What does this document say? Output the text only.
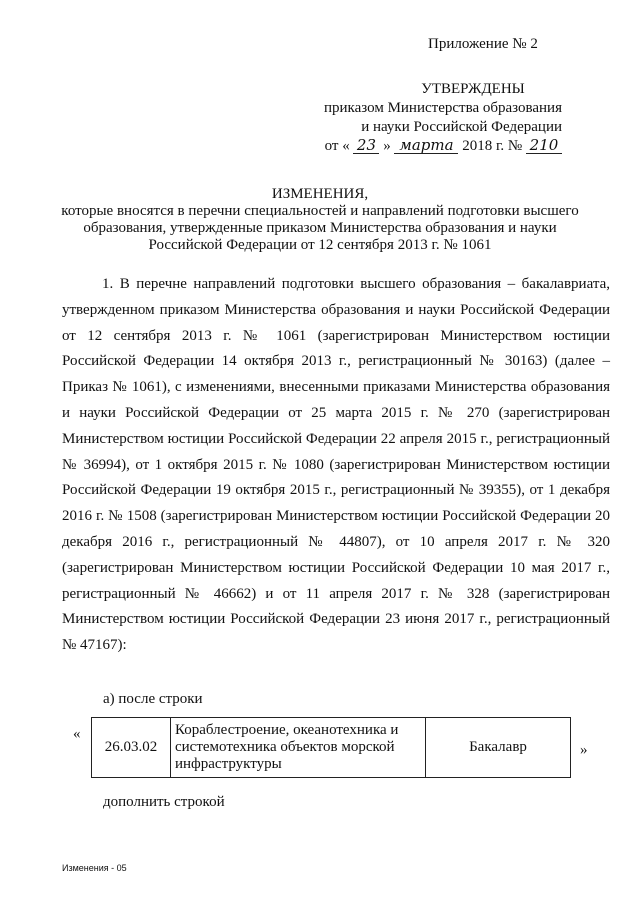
Приложение № 2
УТВЕРЖДЕНЫ
приказом Министерства образования
и науки Российской Федерации
от « 23 » марта 2018 г. № 210
ИЗМЕНЕНИЯ,
которые вносятся в перечни специальностей и направлений подготовки высшего
образования, утвержденные приказом Министерства образования и науки
Российской Федерации от 12 сентября 2013 г. № 1061
1. В перечне направлений подготовки высшего образования – бакалавриата, утвержденном приказом Министерства образования и науки Российской Федерации от 12 сентября 2013 г. № 1061 (зарегистрирован Министерством юстиции Российской Федерации 14 октября 2013 г., регистрационный № 30163) (далее – Приказ № 1061), с изменениями, внесенными приказами Министерства образования и науки Российской Федерации от 25 марта 2015 г. № 270 (зарегистрирован Министерством юстиции Российской Федерации 22 апреля 2015 г., регистрационный № 36994), от 1 октября 2015 г. № 1080 (зарегистрирован Министерством юстиции Российской Федерации 19 октября 2015 г., регистрационный № 39355), от 1 декабря 2016 г. № 1508 (зарегистрирован Министерством юстиции Российской Федерации 20 декабря 2016 г., регистрационный № 44807), от 10 апреля 2017 г. № 320 (зарегистрирован Министерством юстиции Российской Федерации 10 мая 2017 г., регистрационный № 46662) и от 11 апреля 2017 г. № 328 (зарегистрирован Министерством юстиции Российской Федерации 23 июня 2017 г., регистрационный № 47167):
а) после строки
«
26.03.02	Кораблестроение, океанотехника и системотехника объектов морской инфраструктуры	Бакалавр	»
дополнить строкой
Изменения - 05
